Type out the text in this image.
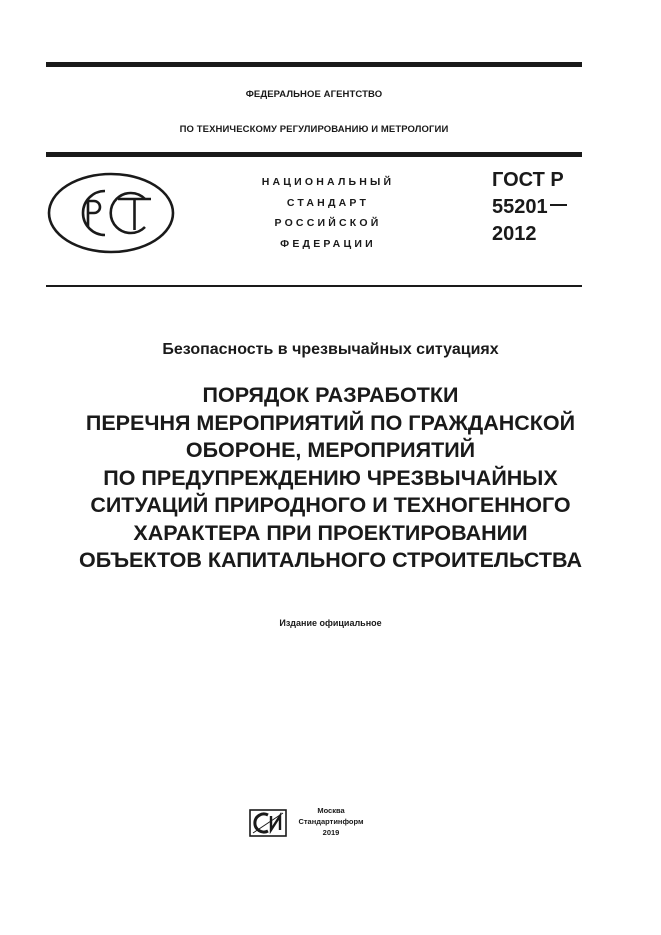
ФЕДЕРАЛЬНОЕ АГЕНТСТВО
ПО ТЕХНИЧЕСКОМУ РЕГУЛИРОВАНИЮ И МЕТРОЛОГИИ
НАЦИОНАЛЬНЫЙ
СТАНДАРТ
РОССИЙСКОЙ
ФЕДЕРАЦИИ
ГОСТ Р
55201
2012
Безопасность в чрезвычайных ситуациях
ПОРЯДОК РАЗРАБОТКИ
ПЕРЕЧНЯ МЕРОПРИЯТИЙ ПО ГРАЖДАНСКОЙ
ОБОРОНЕ, МЕРОПРИЯТИЙ
ПО ПРЕДУПРЕЖДЕНИЮ ЧРЕЗВЫЧАЙНЫХ
СИТУАЦИЙ ПРИРОДНОГО И ТЕХНОГЕННОГО
ХАРАКТЕРА ПРИ ПРОЕКТИРОВАНИИ
ОБЪЕКТОВ КАПИТАЛЬНОГО СТРОИТЕЛЬСТВА
Издание официальное
Москва
Стандартинформ
2019
